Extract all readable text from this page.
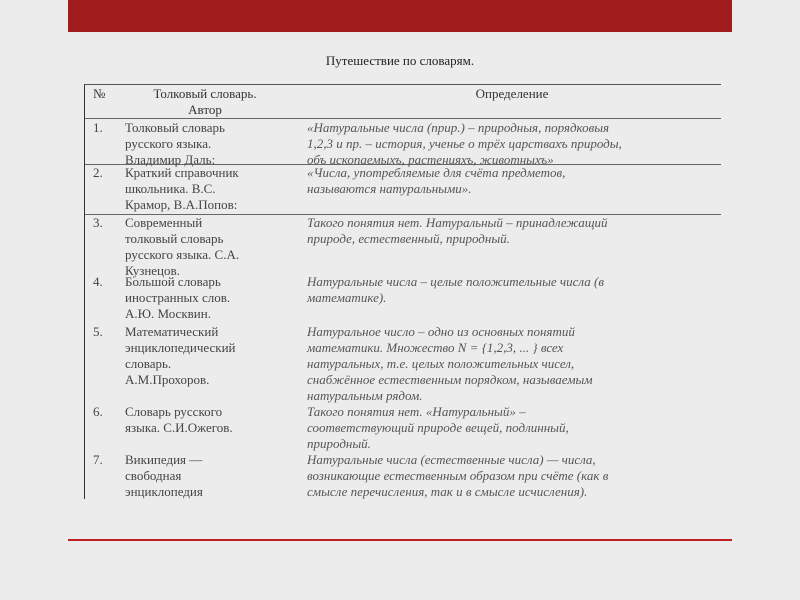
Путешествие по словарям.
№	Толковый словарь.
Автор
Определение
1. Толковый словарь
русского языка.
Владимир Даль:
«Натуральные числа (прир.) – природныя, порядковыя
1,2,3 и пр. – история, ученье о трёх царствахъ природы,
объ ископаемыхъ, растенияхъ, животныхъ»
2. Краткий справочник
школьника. В.С.
Крамор, В.А.Попов:
«Числа, употребляемые для счёта предметов,
называются натуральными».
3. Современный
толковый словарь
русского языка. С.А.
Кузнецов.
Такого понятия нет. Натуральный – принадлежащий
природе, естественный, природный.
4. Большой словарь
иностранных слов.
А.Ю. Москвин.
Натуральные числа – целые положительные числа (в
математике).
5. Математический
энциклопедический
словарь.
А.М.Прохоров.
Натуральное число – одно из основных понятий
математики. Множество N = {1,2,3, ... } всех
натуральных, т.е. целых положительных чисел,
снабжённое естественным порядком, называемым
натуральным рядом.
6. Словарь русского
языка. С.И.Ожегов.
Такого понятия нет. «Натуральный» –
соответствующий природе вещей, подлинный,
природный.
7. Википедия —
свободная
энциклопедия
Натуральные числа (естественные числа) — числа,
возникающие естественным образом при счёте (как в
смысле перечисления, так и в смысле исчисления).
